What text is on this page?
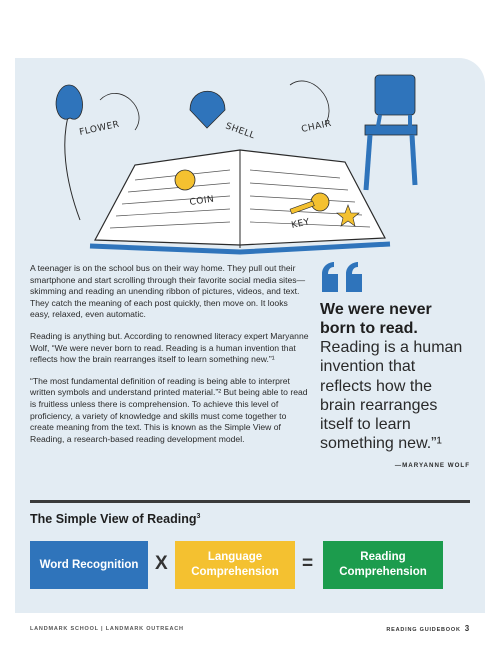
FLOWER	SHELL	CHAIR
COIN
KEY

A teenager is on the school bus on their way home. They pull out their smartphone and start scrolling through their favorite social media sites—skimming and reading an unending ribbon of pictures, videos, and text. They catch the meaning of each post quickly, then move on. It looks easy, relaxed, even automatic.

Reading is anything but. According to renowned literacy expert Maryanne Wolf, “We were never born to read. Reading is a human invention that reflects how the brain rearranges itself to learn something new.”¹

“The most fundamental definition of reading is being able to interpret written symbols and understand printed material.”² But being able to read is fruitless unless there is comprehension. To achieve this level of proficiency, a variety of knowledge and skills must come together to create meaning from the text. This is known as the Simple View of Reading, a research-based reading development model.

We were never born to read.
Reading is a human invention that reflects how the brain rearranges itself to learn something new.”¹
—MARYANNE WOLF
The Simple View of Reading$^3$
Word Recognition X	Language
Comprehension =	Reading
Comprehension
LANDMARK SCHOOL | LANDMARK OUTREACH	READING GUIDEBOOK 3
